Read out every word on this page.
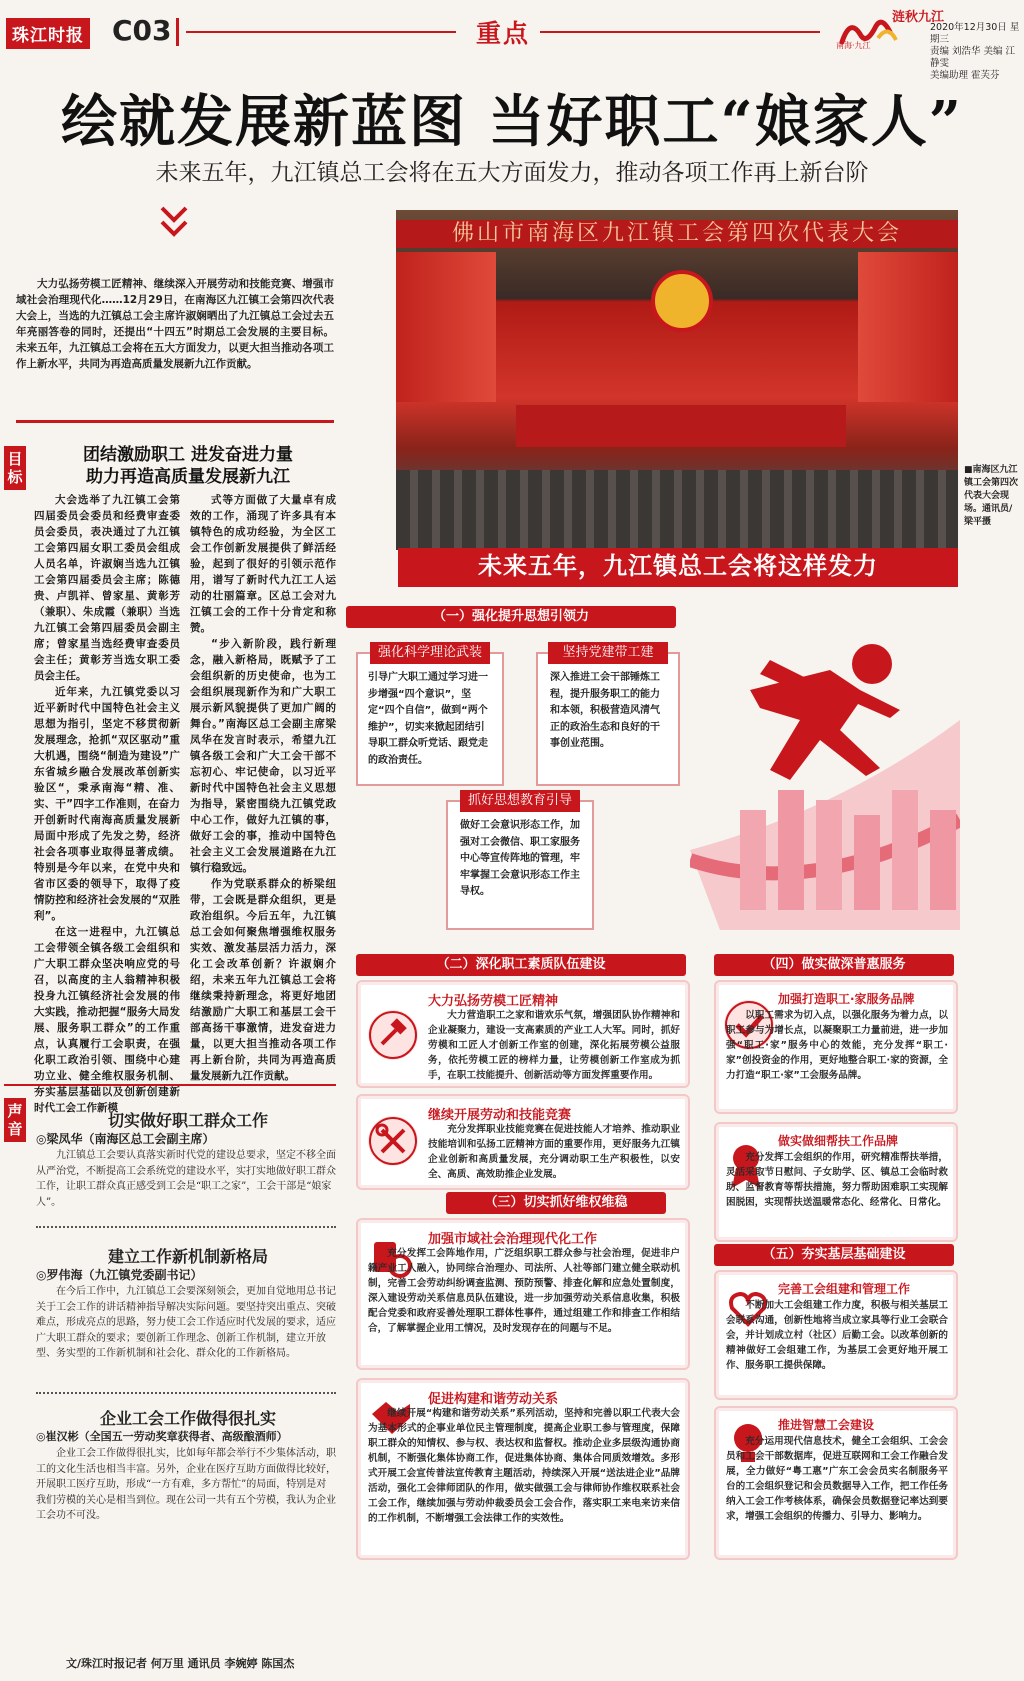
珠江时报 C03	重点	南海·九江
涟秋九江
2020年12月30日 星期三
责编 刘浩华 美编 江静雯
美编助理 霍芙芬
绘就发展新蓝图 当好职工“娘家人”
未来五年，九江镇总工会将在五大方面发力，推动各项工作再上新台阶
大力弘扬劳模工匠精神、继续深入开展劳动和技能竞赛、增强市域社会治理现代化……12月29日，在南海区九江镇工会第四次代表大会上，当选的九江镇总工会主席许淑娴晒出了九江镇总工会过去五年亮丽答卷的同时，还提出“十四五”时期总工会发展的主要目标。未来五年，九江镇总工会将在五大方面发力，以更大担当推动各项工作上新水平，共同为再造高质量发展新九江作贡献。
佛山市南海区九江镇工会第四次代表大会
■南海区九江镇工会第四次代表大会现场。通讯员/梁平摄
目标
团结激励职工 进发奋进力量
助力再造高质量发展新九江
大会选举了九江镇工会第四届委员会委员和经费审查委员会委员，表决通过了九江镇工会第四届女职工委员会组成人员名单，许淑娴当选九江镇工会第四届委员会主席；陈德贵、卢凯祥、曾家星、黄彰芳（兼职）、朱成霞（兼职）当选九江镇工会第四届委员会副主席；曾家星当选经费审查委员会主任；黄彰芳当选女职工委员会主任。
近年来，九江镇党委以习近平新时代中国特色社会主义思想为指引，坚定不移贯彻新发展理念，抢抓“双区驱动”重大机遇，围绕“制造为建设”广东省城乡融合发展改革创新实验区“，秉承南海“精、准、实、干”四字工作准则，在奋力开创新时代南海高质量发展新局面中形成了先发之势，经济社会各项事业取得显著成绩。特别是今年以来，在党中央和省市区委的领导下，取得了疫情防控和经济社会发展的“双胜利”。
在这一进程中，九江镇总工会带领全镇各级工会组织和广大职工群众坚决响应党的号召，以高度的主人翁精神积极投身九江镇经济社会发展的伟大实践，推动把握“服务大局发展、服务职工群众”的工作重点，认真履行工会职责，在强化职工政治引领、围绕中心建功立业、健全维权服务机制、夯实基层基础以及创新创建新时代工会工作新模
式等方面做了大量卓有成效的工作，涌现了许多具有本镇特色的成功经验，为全区工会工作创新发展提供了鲜活经验，起到了很好的引领示范作用，谱写了新时代九江工人运动的壮丽篇章。区总工会对九江镇工会的工作十分肯定和称赞。
“步入新阶段，践行新理念，融入新格局，既赋予了工会组织新的历史使命，也为工会组织展现新作为和广大职工展示新风貌提供了更加广阔的舞台。”南海区总工会副主席梁凤华在发言时表示，希望九江镇各级工会和广大工会干部不忘初心、牢记使命，以习近平新时代中国特色社会主义思想为指导，紧密围绕九江镇党政中心工作，做好九江镇的事，做好工会的事，推动中国特色社会主义工会发展道路在九江镇行稳致远。
作为党联系群众的桥梁纽带，工会既是群众组织，更是政治组织。今后五年，九江镇总工会如何聚焦增强维权服务实效、激发基层活力活力，深化工会改革创新？许淑娴介绍，未来五年九江镇总工会将继续秉持新理念，将更好地团结激励广大职工和基层工会干部高扬干事激情，进发奋进力量，以更大担当推动各项工作再上新台阶，共同为再造高质量发展新九江作贡献。
声音	切实做好职工群众工作
◎梁凤华（南海区总工会副主席）
九江镇总工会要认真落实新时代党的建设总要求，坚定不移全面从严治党，不断提高工会系统党的建设水平，实打实地做好职工群众工作，让职工群众真正感受到工会是“职工之家”，工会干部是“娘家人”。
建立工作新机制新格局
◎罗伟海（九江镇党委副书记）
在今后工作中，九江镇总工会要深刻领会，更加自觉地用总书记关于工会工作的讲话精神指导解决实际问题。要坚持突出重点、突破难点，形成亮点的思路，努力使工会工作适应时代发展的要求，适应广大职工群众的要求；要创新工作理念、创新工作机制，建立开放型、务实型的工作新机制和社会化、群众化的工作新格局。
企业工会工作做得很扎实
◎崔汉彬（全国五一劳动奖章获得者、高级酿酒师）
企业工会工作做得很扎实，比如每年都会举行不少集体活动，职工的文化生活也相当丰富。另外，企业在医疗互助方面做得比较好，开展职工医疗互助，形成“一方有难，多方帮忙”的局面，特别是对我们劳模的关心是相当到位。现在公司一共有五个劳模，我认为企业工会功不可没。
文/珠江时报记者 何万里 通讯员 李婉婷 陈国杰
未来五年，九江镇总工会将这样发力
（一）强化提升思想引领力
强化科学理论武装
引导广大职工通过学习进一步增强“四个意识”，坚定“四个自信”，做到“两个维护”，切实来掀起团结引导职工群众听党话、跟党走的政治责任。
坚持党建带工建
深入推进工会干部锤炼工程，提升服务职工的能力和本领，积极营造风清气正的政治生态和良好的干事创业范围。
抓好思想教育引导
做好工会意识形态工作，加强对工会微信、职工家服务中心等宣传阵地的管理，牢牢掌握工会意识形态工作主导权。
（二）深化职工素质队伍建设
大力弘扬劳模工匠精神
大力营造职工之家和谐欢乐气氛，增强团队协作精神和企业凝聚力，建设一支高素质的产业工人大军。同时，抓好劳模和工匠人才创新工作室的创建，深化拓展劳模公益服务，依托劳模工匠的榜样力量，让劳模创新工作室成为抓手，在职工技能提升、创新活动等方面发挥重要作用。
继续开展劳动和技能竞赛
充分发挥职业技能竞赛在促进技能人才培养、推动职业技能培训和弘扬工匠精神方面的重要作用，更好服务九江镇企业创新和高质量发展，充分调动职工生产积极性，以安全、高质、高效助推企业发展。
（三）切实抓好维权维稳
加强市域社会治理现代化工作
充分发挥工会阵地作用，广泛组织职工群众参与社会治理，促进非户籍产业工人融入，协同综合治理办、司法所、人社等部门建立健全联动机制，完善工会劳动纠纷调查监测、预防预警、排查化解和应急处置制度，深入建设劳动关系信息员队伍建设，进一步加强劳动关系信息收集，积极配合党委和政府妥善处理职工群体性事件，通过组建工作和排查工作相结合，了解掌握企业用工情况，及时发现存在的问题与不足。
促进构建和谐劳动关系
继续开展“构建和谐劳动关系”系列活动，坚持和完善以职工代表大会为基本形式的企事业单位民主管理制度，提高企业职工参与管理度，保障职工群众的知情权、参与权、表达权和监督权。推动企业多层级沟通协商机制，不断强化集体协商工作，促进集体协商、集体合同质效增效。多形式开展工会宣传普法宣传教育主题活动，持续深入开展“送法进企业”品牌活动，强化工会律师团队的作用，做实做强工会与律师协作维权联系社会工会工作，继续加强与劳动仲裁委员会工会合作，落实职工来电来访来信的工作机制，不断增强工会法律工作的实效性。
（四）做实做深普惠服务
加强打造职工·家服务品牌
以职工需求为切入点，以强化服务为着力点，以职工参与为增长点，以凝聚职工力量前进，进一步加强“职工·家”服务中心的效能，充分发挥“职工·家”创投资金的作用，更好地整合职工·家的资源，全力打造“职工·家”工会服务品牌。
做实做细帮扶工作品牌
充分发挥工会组织的作用，研究精准帮扶举措，灵活采取节日慰问、子女助学、区、镇总工会临时救助、监督教育等帮扶措施，努力帮助困难职工实现解困脱困，实现帮扶送温暖常态化、经常化、日常化。
（五）夯实基层基础建设
完善工会组建和管理工作
不断加大工会组建工作力度，积极与相关基层工会联系沟通，创新性地将当成立家具等行业工会联合会，并计划成立村（社区）后勤工会。以改革创新的精神做好工会组建工作，为基层工会更好地开展工作、服务职工提供保障。
推进智慧工会建设
充分运用现代信息技术，健全工会组织、工会会员和工会干部数据库，促进互联网和工会工作融合发展，全力做好“粤工惠”广东工会会员实名制服务平台的工会组织登记和会员数据导入工作，把工作任务纳入工会工作考核体系，确保会员数据登记率达到要求，增强工会组织的传播力、引导力、影响力。
